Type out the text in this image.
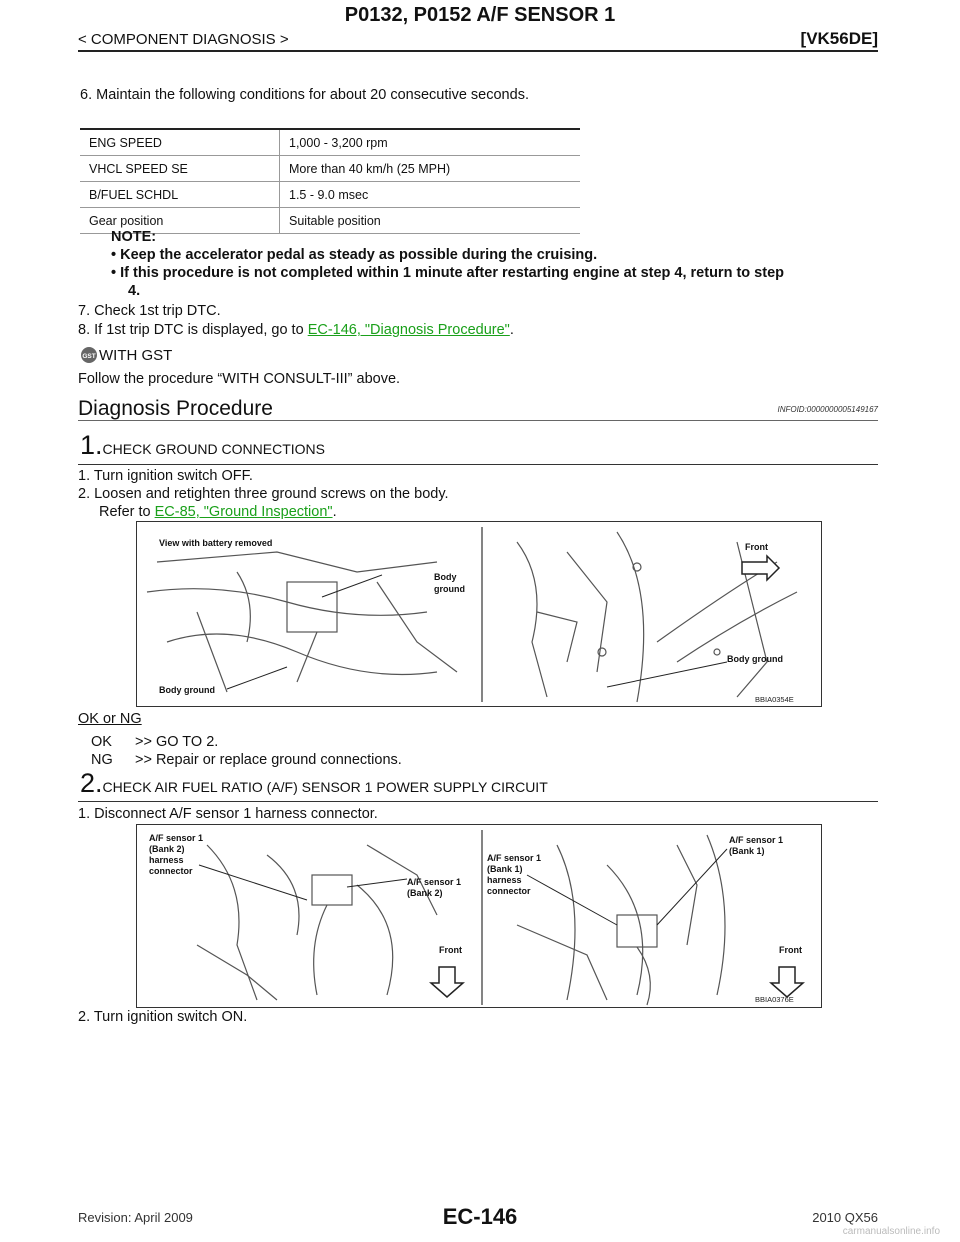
P0132, P0152 A/F SENSOR 1
< COMPONENT DIAGNOSIS >	[VK56DE]
6. Maintain the following conditions for about 20 consecutive seconds.
ENG SPEED	1,000 - 3,200 rpm
VHCL SPEED SE	More than 40 km/h (25 MPH)
B/FUEL SCHDL	1.5 - 9.0 msec
Gear position	Suitable position
NOTE:
• Keep the accelerator pedal as steady as possible during the cruising.
• If this procedure is not completed within 1 minute after restarting engine at step 4, return to step
4.
7. Check 1st trip DTC.
8. If 1st trip DTC is displayed, go to EC-146, "Diagnosis Procedure".
GST WITH GST
Follow the procedure “WITH CONSULT-III” above.
Diagnosis Procedure	INFOID:0000000005149167
1.CHECK GROUND CONNECTIONS
1. Turn ignition switch OFF.
2. Loosen and retighten three ground screws on the body.
Refer to EC-85, "Ground Inspection".
View with battery removed
Body
ground
Body ground
Front
Body ground
BBIA0354E
OK or NG
OK >> GO TO 2.
NG >> Repair or replace ground connections.
2.CHECK AIR FUEL RATIO (A/F) SENSOR 1 POWER SUPPLY CIRCUIT
1. Disconnect A/F sensor 1 harness connector.
A/F sensor 1
(Bank 2)
harness
connector
A/F sensor 1
(Bank 2)
Front
A/F sensor 1
(Bank 1)
harness
connector
A/F sensor 1
(Bank 1)
Front
BBIA0376E
2. Turn ignition switch ON.
Revision: April 2009	EC-146	2010 QX56
carmanualsonline.info
